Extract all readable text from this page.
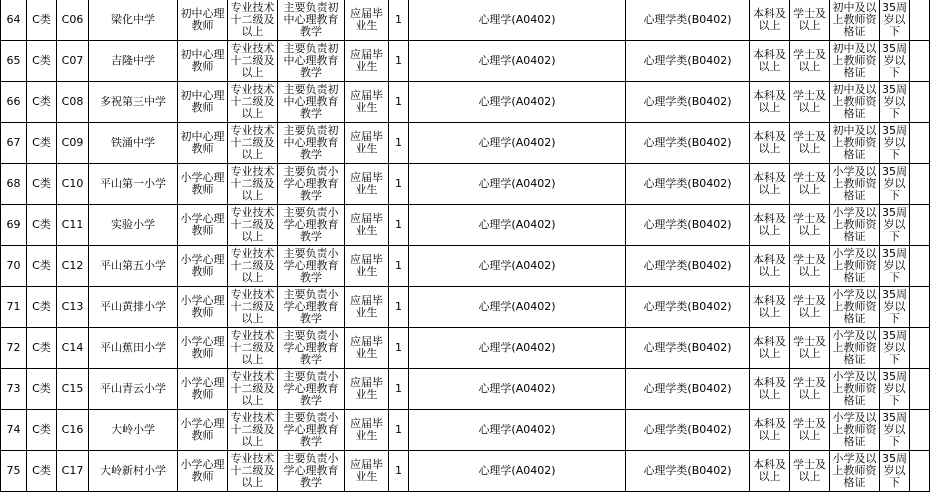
64	C类	C06	梁化中学	初中心理教师	专业技术十二级及以上	主要负责初中心理教育教学	应届毕业生	1	心理学(A0402)	心理学类(B0402)	本科及以上	学士及以上	初中及以上教师资格证	35周岁以下	
65	C类	C07	吉隆中学	初中心理教师	专业技术十二级及以上	主要负责初中心理教育教学	应届毕业生	1	心理学(A0402)	心理学类(B0402)	本科及以上	学士及以上	初中及以上教师资格证	35周岁以下	
66	C类	C08	多祝第三中学	初中心理教师	专业技术十二级及以上	主要负责初中心理教育教学	应届毕业生	1	心理学(A0402)	心理学类(B0402)	本科及以上	学士及以上	初中及以上教师资格证	35周岁以下	
67	C类	C09	铁涌中学	初中心理教师	专业技术十二级及以上	主要负责初中心理教育教学	应届毕业生	1	心理学(A0402)	心理学类(B0402)	本科及以上	学士及以上	初中及以上教师资格证	35周岁以下	
68	C类	C10	平山第一小学	小学心理教师	专业技术十二级及以上	主要负责小学心理教育教学	应届毕业生	1	心理学(A0402)	心理学类(B0402)	本科及以上	学士及以上	小学及以上教师资格证	35周岁以下	
69	C类	C11	实验小学	小学心理教师	专业技术十二级及以上	主要负责小学心理教育教学	应届毕业生	1	心理学(A0402)	心理学类(B0402)	本科及以上	学士及以上	小学及以上教师资格证	35周岁以下	
70	C类	C12	平山第五小学	小学心理教师	专业技术十二级及以上	主要负责小学心理教育教学	应届毕业生	1	心理学(A0402)	心理学类(B0402)	本科及以上	学士及以上	小学及以上教师资格证	35周岁以下	
71	C类	C13	平山黄排小学	小学心理教师	专业技术十二级及以上	主要负责小学心理教育教学	应届毕业生	1	心理学(A0402)	心理学类(B0402)	本科及以上	学士及以上	小学及以上教师资格证	35周岁以下	
72	C类	C14	平山蕉田小学	小学心理教师	专业技术十二级及以上	主要负责小学心理教育教学	应届毕业生	1	心理学(A0402)	心理学类(B0402)	本科及以上	学士及以上	小学及以上教师资格证	35周岁以下	
73	C类	C15	平山青云小学	小学心理教师	专业技术十二级及以上	主要负责小学心理教育教学	应届毕业生	1	心理学(A0402)	心理学类(B0402)	本科及以上	学士及以上	小学及以上教师资格证	35周岁以下	
74	C类	C16	大岭小学	小学心理教师	专业技术十二级及以上	主要负责小学心理教育教学	应届毕业生	1	心理学(A0402)	心理学类(B0402)	本科及以上	学士及以上	小学及以上教师资格证	35周岁以下	
75	C类	C17	大岭新村小学	小学心理教师	专业技术十二级及以上	主要负责小学心理教育教学	应届毕业生	1	心理学(A0402)	心理学类(B0402)	本科及以上	学士及以上	小学及以上教师资格证	35周岁以下	
